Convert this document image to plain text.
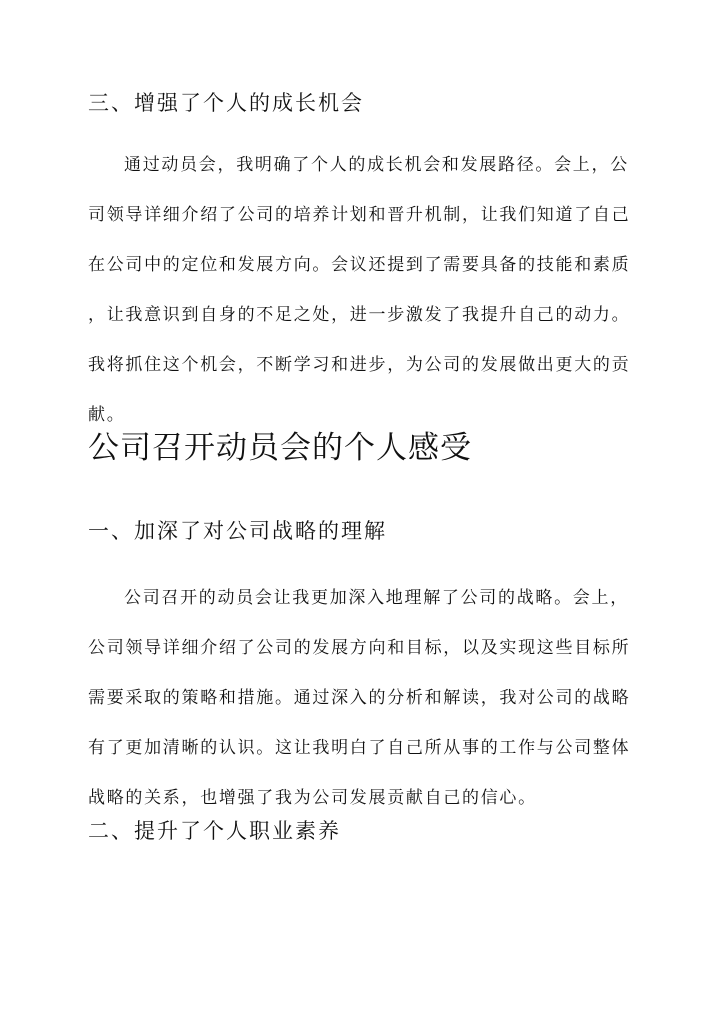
三、增强了个人的成长机会
通过动员会，我明确了个人的成长机会和发展路径。会上，公
司领导详细介绍了公司的培养计划和晋升机制，让我们知道了自己
在公司中的定位和发展方向。会议还提到了需要具备的技能和素质
，让我意识到自身的不足之处，进一步激发了我提升自己的动力。
我将抓住这个机会，不断学习和进步，为公司的发展做出更大的贡
献。
公司召开动员会的个人感受
一、加深了对公司战略的理解
公司召开的动员会让我更加深入地理解了公司的战略。会上，
公司领导详细介绍了公司的发展方向和目标，以及实现这些目标所
需要采取的策略和措施。通过深入的分析和解读，我对公司的战略
有了更加清晰的认识。这让我明白了自己所从事的工作与公司整体
战略的关系，也增强了我为公司发展贡献自己的信心。
二、提升了个人职业素养
